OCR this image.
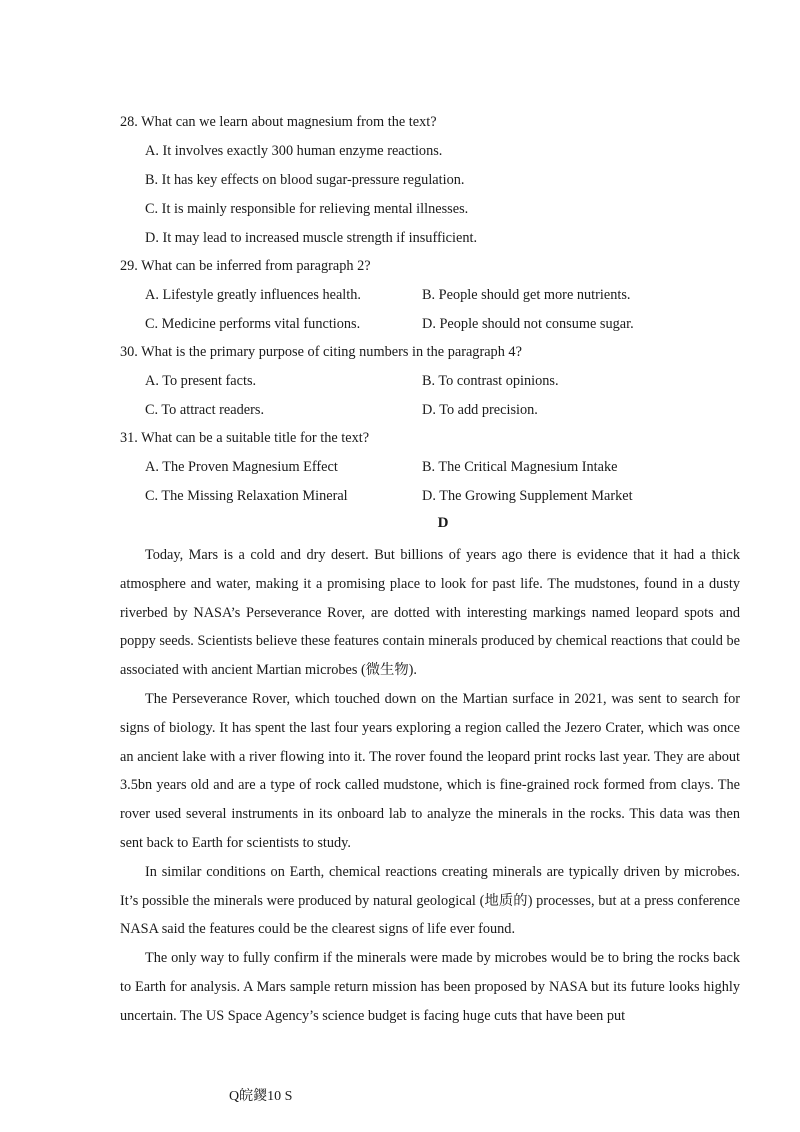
28. What can we learn about magnesium from the text?
A. It involves exactly 300 human enzyme reactions.
B. It has key effects on blood sugar-pressure regulation.
C. It is mainly responsible for relieving mental illnesses.
D. It may lead to increased muscle strength if insufficient.
29. What can be inferred from paragraph 2?
A. Lifestyle greatly influences health.	B. People should get more nutrients.
C. Medicine performs vital functions.	D. People should not consume sugar.
30. What is the primary purpose of citing numbers in the paragraph 4?
A. To present facts.	B. To contrast opinions.
C. To attract readers.	D. To add precision.
31. What can be a suitable title for the text?
A. The Proven Magnesium Effect	B. The Critical Magnesium Intake
C. The Missing Relaxation Mineral	D. The Growing Supplement Market
D

Today, Mars is a cold and dry desert. But billions of years ago there is evidence that it had a thick atmosphere and water, making it a promising place to look for past life. The mudstones, found in a dusty riverbed by NASA’s Perseverance Rover, are dotted with interesting markings named leopard spots and poppy seeds. Scientists believe these features contain minerals produced by chemical reactions that could be associated with ancient Martian microbes (微生物).

The Perseverance Rover, which touched down on the Martian surface in 2021, was sent to search for signs of biology. It has spent the last four years exploring a region called the Jezero Crater, which was once an ancient lake with a river flowing into it. The rover found the leopard print rocks last year. They are about 3.5bn years old and are a type of rock called mudstone, which is fine-grained rock formed from clays. The rover used several instruments in its onboard lab to analyze the minerals in the rocks. This data was then sent back to Earth for scientists to study.

In similar conditions on Earth, chemical reactions creating minerals are typically driven by microbes. It’s possible the minerals were produced by natural geological (地质的) processes, but at a press conference NASA said the features could be the clearest signs of life ever found.

The only way to fully confirm if the minerals were made by microbes would be to bring the rocks back to Earth for analysis. A Mars sample return mission has been proposed by NASA but its future looks highly uncertain. The US Space Agency’s science budget is facing huge cuts that have been put

Q皖鑁10 S
